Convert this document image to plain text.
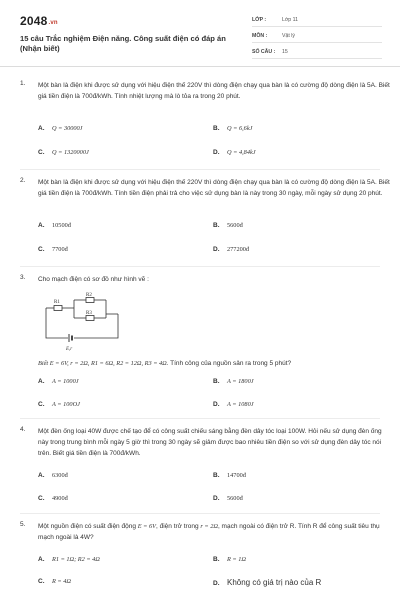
2048.vn
15 câu Trắc nghiệm Điện năng. Công suất điện có đáp án (Nhận biết)
LỚP :	Lớp 11
MÔN :	Vật lý
SỐ CÂU :	15
1. Một bàn là điện khi được sử dụng với hiệu điện thế 220V thì dòng điện chạy qua bàn là có cường độ dòng điện là 5A. Biết giá tiền điện là 700đ/kWh. Tính nhiệt lượng mà lò tỏa ra trong 20 phút.
A. Q = 30000J	B. Q = 6,6kJ
C. Q = 1320000J	D. Q = 4,84kJ
2. Một bàn là điện khi được sử dụng với hiệu điện thế 220V thì dòng điện chạy qua bàn là có cường độ dòng điện là 5A. Biết giá tiền điện là 700đ/kWh. Tính tiền điện phải trả cho việc sử dụng bàn là này trong 30 ngày, mỗi ngày sử dụng 20 phút.
A. 10500đ	B. 5600đ
C. 7700đ	D. 277200đ
3. Cho mạch điện có sơ đồ như hình vẽ :
R1
R2
R3
E,r
Biết E = 6V, r = 2Ω, R1 = 6Ω, R2 = 12Ω, R3 = 4Ω. Tính công của nguồn sản ra trong 5 phút?
A. A = 1000J	B. A = 1800J
C. A = 100OJ	D. A = 1080J
4. Một đèn ống loại 40W được chế tạo để có công suất chiếu sáng bằng đèn dây tóc loại 100W. Hỏi nếu sử dụng đèn ống này trong trung bình mỗi ngày 5 giờ thì trong 30 ngày sẽ giảm được bao nhiêu tiền điện so với sử dụng đèn dây tóc nói trên. Biết giá tiền điện là 700đ/kWh.
A. 6300đ	B. 14700đ
C. 4900đ	D. 5600đ
5. Một nguồn điện có suất điện động E = 6V, điện trở trong r = 2Ω, mạch ngoài có điện trở R. Tính R để công suất tiêu thụ mạch ngoài là 4W?
A. R1 = 1Ω; R2 = 4Ω	B. R = 1Ω
C. R = 4Ω	D. Không có giá trị nào của R
